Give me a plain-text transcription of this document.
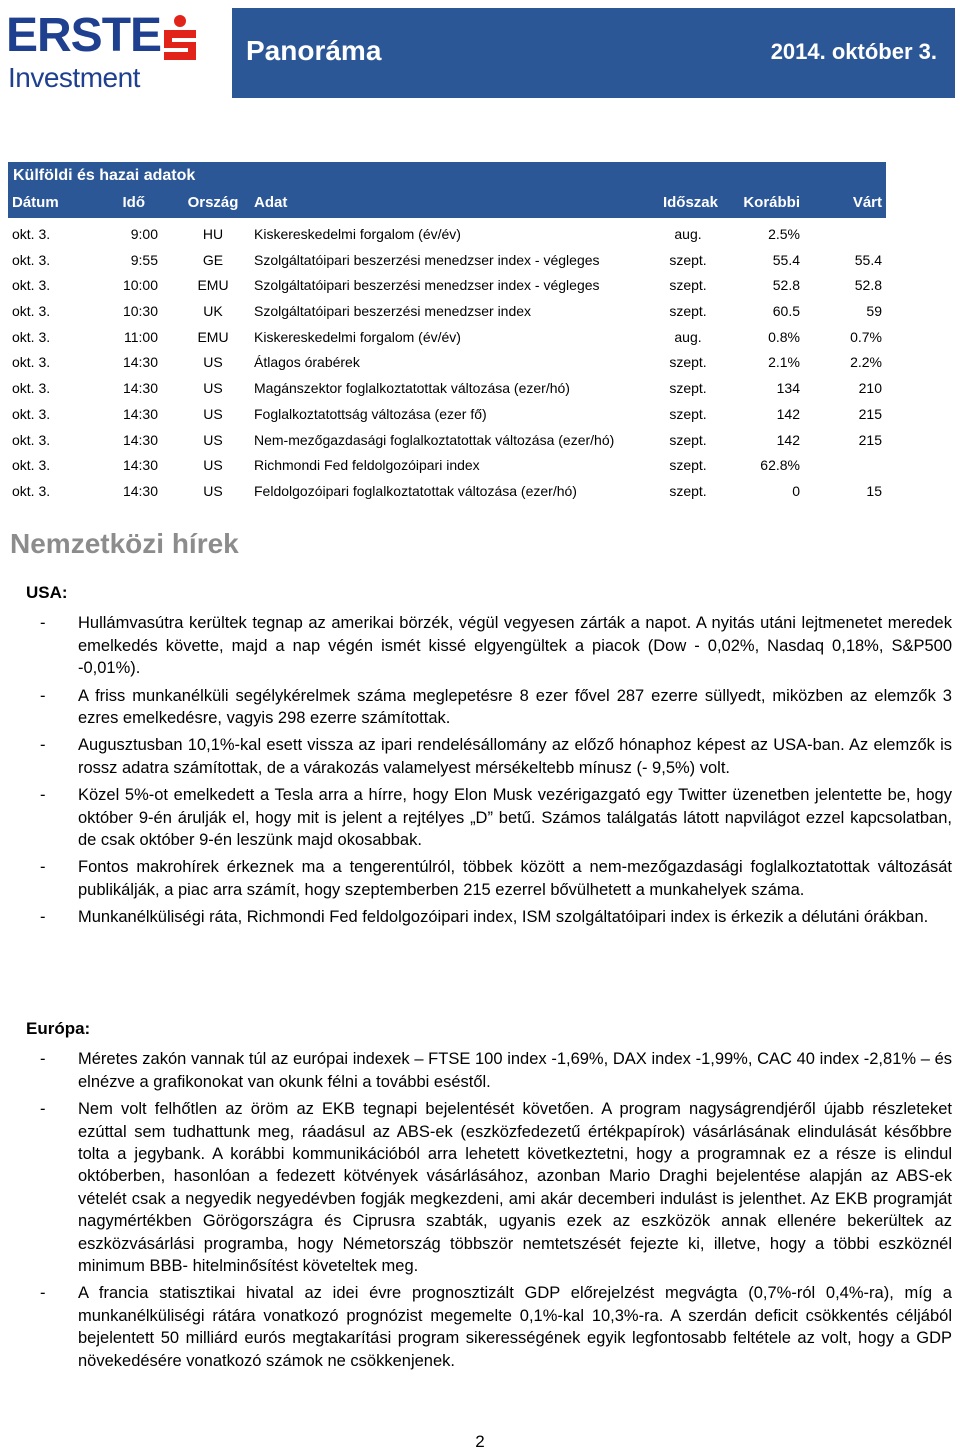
ERSTE
Investment
Panoráma	2014. október 3.
Külföldi és hazai adatok
Dátum	Idő	Ország	Adat	Időszak	Korábbi	Várt
okt. 3.	9:00	HU	Kiskereskedelmi forgalom (év/év)	aug.	2.5%
okt. 3.	9:55	GE	Szolgáltatóipari beszerzési menedzser index - végleges	szept.	55.4	55.4
okt. 3.	10:00	EMU	Szolgáltatóipari beszerzési menedzser index - végleges	szept.	52.8	52.8
okt. 3.	10:30	UK	Szolgáltatóipari beszerzési menedzser index	szept.	60.5	59
okt. 3.	11:00	EMU	Kiskereskedelmi forgalom (év/év)	aug.	0.8%	0.7%
okt. 3.	14:30	US	Átlagos órabérek	szept.	2.1%	2.2%
okt. 3.	14:30	US	Magánszektor foglalkoztatottak változása (ezer/hó)	szept.	134	210
okt. 3.	14:30	US	Foglalkoztatottság változása (ezer fő)	szept.	142	215
okt. 3.	14:30	US	Nem-mezőgazdasági foglalkoztatottak változása (ezer/hó)	szept.	142	215
okt. 3.	14:30	US	Richmondi Fed feldolgozóipari index	szept.	62.8%
okt. 3.	14:30	US	Feldolgozóipari foglalkoztatottak változása (ezer/hó)	szept.	0	15
Nemzetközi hírek
USA:
- Hullámvasútra kerültek tegnap az amerikai börzék, végül vegyesen zárták a napot. A nyitás utáni lejtmenetet meredek emelkedés követte, majd a nap végén ismét kissé elgyengültek a piacok (Dow - 0,02%, Nasdaq 0,18%, S&P500 -0,01%).
- A friss munkanélküli segélykérelmek száma meglepetésre 8 ezer fővel 287 ezerre süllyedt, miközben az elemzők 3 ezres emelkedésre, vagyis 298 ezerre számítottak.
- Augusztusban 10,1%-kal esett vissza az ipari rendelésállomány az előző hónaphoz képest az USA-ban. Az elemzők is rossz adatra számítottak, de a várakozás valamelyest mérsékeltebb mínusz (- 9,5%) volt.
- Közel 5%-ot emelkedett a Tesla arra a hírre, hogy Elon Musk vezérigazgató egy Twitter üzenetben jelentette be, hogy október 9-én árulják el, hogy mit is jelent a rejtélyes „D” betű. Számos találgatás látott napvilágot ezzel kapcsolatban, de csak október 9-én leszünk majd okosabbak.
- Fontos makrohírek érkeznek ma a tengerentúlról, többek között a nem-mezőgazdasági foglalkoztatottak változását publikálják, a piac arra számít, hogy szeptemberben 215 ezerrel bővülhetett a munkahelyek száma.
- Munkanélküliségi ráta, Richmondi Fed feldolgozóipari index, ISM szolgáltatóipari index is érkezik a délutáni órákban.
Európa:
- Méretes zakón vannak túl az európai indexek – FTSE 100 index -1,69%, DAX index -1,99%, CAC 40 index -2,81% – és elnézve a grafikonokat van okunk félni a további eséstől.
- Nem volt felhőtlen az öröm az EKB tegnapi bejelentését követően. A program nagyságrendjéről újabb részleteket ezúttal sem tudhattunk meg, ráadásul az ABS-ek (eszközfedezetű értékpapírok) vásárlásának elindulását későbbre tolta a jegybank. A korábbi kommunikációból arra lehetett következtetni, hogy a programnak ez a része is elindul októberben, hasonlóan a fedezett kötvények vásárlásához, azonban Mario Draghi bejelentése alapján az ABS-ek vételét csak a negyedik negyedévben fogják megkezdeni, ami akár decemberi indulást is jelenthet. Az EKB programját nagymértékben Görögországra és Ciprusra szabták, ugyanis ezek az eszközök annak ellenére bekerültek az eszközvásárlási programba, hogy Németország többször nemtetszését fejezte ki, illetve, hogy a többi eszköznél minimum BBB- hitelminősítést követeltek meg.
- A francia statisztikai hivatal az idei évre prognosztizált GDP előrejelzést megvágta (0,7%-ról 0,4%-ra), míg a munkanélküliségi rátára vonatkozó prognózist megemelte 0,1%-kal 10,3%-ra. A szerdán deficit csökkentés céljából bejelentett 50 milliárd eurós megtakarítási program sikerességének egyik legfontosabb feltétele az volt, hogy a GDP növekedésére vonatkozó számok ne csökkenjenek.
2
